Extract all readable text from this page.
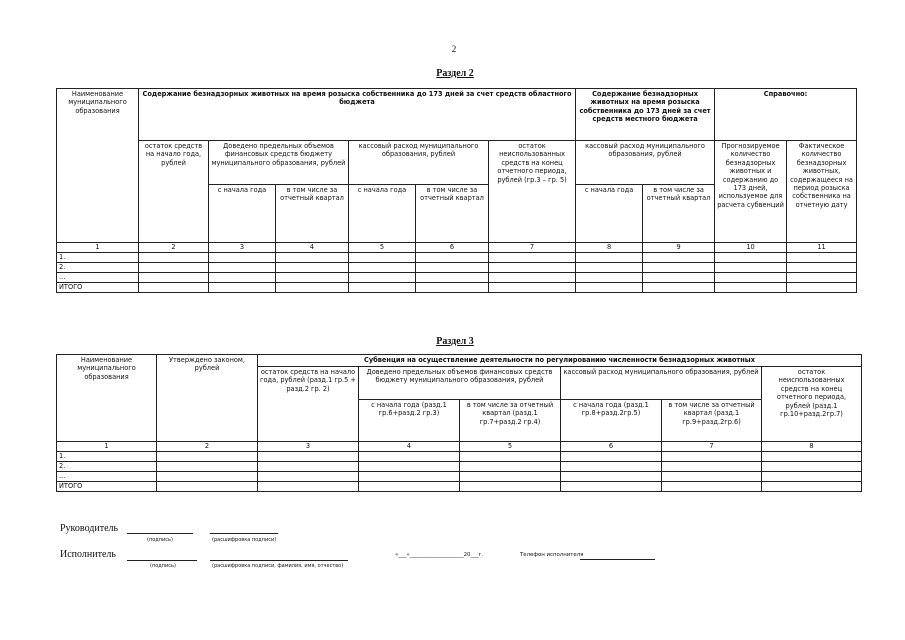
2
Раздел 2
Наименование муниципального образования	Содержание безнадзорных животных на время розыска собственника до 173 дней за счет средств областного бюджета						Содержание безнадзорных животных на время розыска собственника до 173 дней за счет средств местного бюджета		Справочно:	
	остаток средств на начало года, рублей	Доведено предельных объемов финансовых средств бюджету муниципального образования, рублей		кассовый расход муниципального образования, рублей		остаток неиспользованных средств на конец отчетного периода, рублей (гр.3 – гр. 5)	кассовый расход муниципального образования, рублей		Прогнозируемое количество безнадзорных животных и содержанию до 173 дней, используемое для расчета субвенций	Фактическое количество безнадзорных животных, содержащееся на период розыска собственника на отчетную дату
		с начала года	в том числе за отчетный квартал	с начала года	в том числе за отчетный квартал		с начала года	в том числе за отчетный квартал		
1	2	3	4	5	6	7	8	9	10	11
1.										
2.										
...										
ИТОГО										
Раздел 3
Наименование муниципального образования	Утверждено законом, рублей	Субвенция на осуществление деятельности по регулированию численности безнадзорных животных					
		остаток средств на начало года, рублей (разд.1 гр.5 + разд.2 гр. 2)	Доведено предельных объемов финансовых средств бюджету муниципального образования, рублей		кассовый расход муниципального образования, рублей		остаток неиспользованных средств на конец отчетного периода, рублей (разд.1 гр.10+разд.2гр.7)
			с начала года (разд.1 гр.6+разд.2 гр.3)	в том числе за отчетный квартал (разд.1 гр.7+разд.2 гр.4)	с начала года (разд.1 гр.8+разд.2гр.5)	в том числе за отчетный квартал (разд.1 гр.9+разд.2гр.6)	
1	2	3	4	5	6	7	8
1.							
2.							
...							
ИТОГО							
Руководитель
(подпись)	(расшифровка подписи)
Исполнитель
(подпись)	(расшифровка подписи, фамилия, имя, отчество)
«___»____________________20___г.	Телефон исполнителя
